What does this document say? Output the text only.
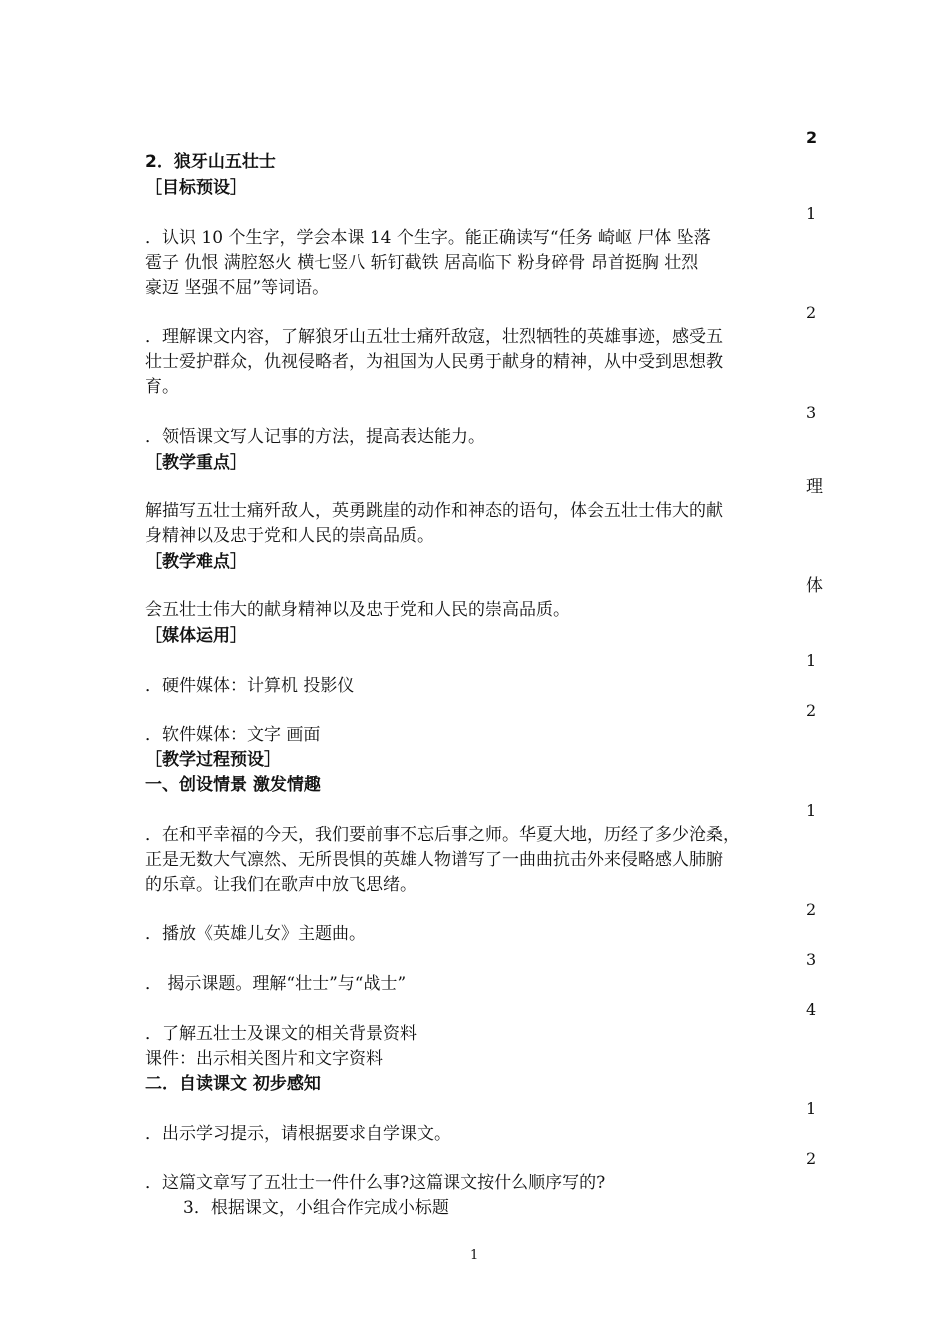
2
2．狼牙山五壮士
［目标预设］
1
．认识 10 个生字，学会本课 14 个生字。能正确读写“任务 崎岖 尸体 坠落
雹子 仇恨 满腔怒火 横七竖八 斩钉截铁 居高临下 粉身碎骨 昂首挺胸 壮烈
豪迈 坚强不屈”等词语。
2
．理解课文内容，了解狼牙山五壮士痛歼敌寇，壮烈牺牲的英雄事迹，感受五
壮士爱护群众，仇视侵略者，为祖国为人民勇于献身的精神，从中受到思想教
育。
3
．领悟课文写人记事的方法，提高表达能力。
［教学重点］
理
解描写五壮士痛歼敌人，英勇跳崖的动作和神态的语句，体会五壮士伟大的献
身精神以及忠于党和人民的崇高品质。
［教学难点］
体
会五壮士伟大的献身精神以及忠于党和人民的崇高品质。
［媒体运用］
1
．硬件媒体：计算机 投影仪
2
．软件媒体：文字 画面
［教学过程预设］
一、创设情景 激发情趣
1
．在和平幸福的今天，我们要前事不忘后事之师。华夏大地，历经了多少沧桑，
正是无数大气凛然、无所畏惧的英雄人物谱写了一曲曲抗击外来侵略感人肺腑
的乐章。让我们在歌声中放飞思绪。
2
．播放《英雄儿女》主题曲。
3
． 揭示课题。理解“壮士”与“战士”
4
．了解五壮士及课文的相关背景资料
课件：出示相关图片和文字资料
二．自读课文 初步感知
1
．出示学习提示，请根据要求自学课文。
2
．这篇文章写了五壮士一件什么事?这篇课文按什么顺序写的?
3．根据课文，小组合作完成小标题
1
